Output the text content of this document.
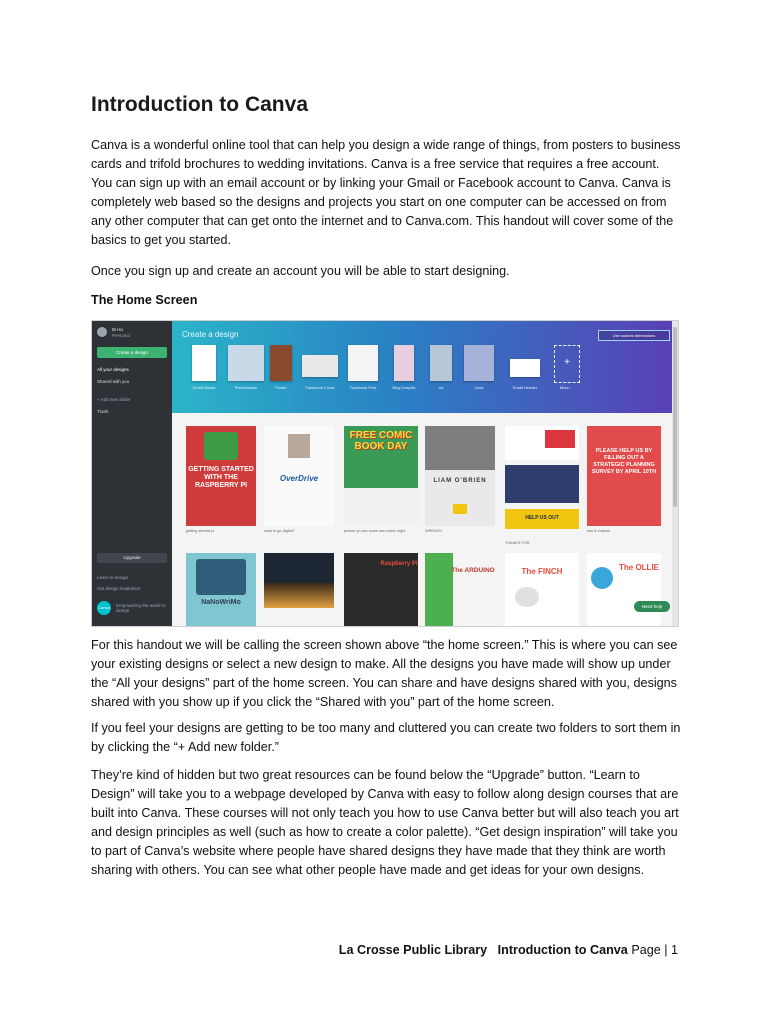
Introduction to Canva

Canva is a wonderful online tool that can help you design a wide range of things, from posters to business cards and trifold brochures to wedding invitations. Canva is a free service that requires a free account. You can sign up with an email account or by linking your Gmail or Facebook account to Canva. Canva is completely web based so the designs and projects you start on one computer can be accessed on from any other computer that can get onto the internet and to Canva.com. This handout will cover some of the basics to get you started.

Once you sign up and create an account you will be able to start designing.

The Home Screen

Bi Hu
Personal
Create a design
All your designs
Shared with you
+ Add new folder
Trash
Upgrade
Learn to design
Get design inspiration
Canva Empowering the world to design
Create a design	Use custom dimensions
+
Social Media	Presentation	Poster	Facebook Cover	Facebook Post	Blog Graphic	A4	Card	Email Header	More...
GETTING STARTED WITH THE RASPBERRY PI
getting started pi
OverDrive
want to go digital?
FREE COMIC BOOK DAY
picture yo can come see comic night
LIAM O'BRIEN
WRENCH
HELP US OUT
THANKS FOR
PLEASE HELP US BY FILLING OUT A STRATEGIC PLANNING SURVEY BY APRIL 10TH
see & explore
NaNoWriMo
Raspberry Pi
The ARDUINO	The FINCH	The OLLIE
Need help

For this handout we will be calling the screen shown above “the home screen.” This is where you can see your existing designs or select a new design to make. All the designs you have made will show up under the “All your designs” part of the home screen. You can share and have designs shared with you, designs shared with you show up if you click the “Shared with you” part of the home screen.

If you feel your designs are getting to be too many and cluttered you can create two folders to sort them in by clicking the “+ Add new folder.”

They’re kind of hidden but two great resources can be found below the “Upgrade” button. “Learn to Design” will take you to a webpage developed by Canva with easy to follow along design courses that are built into Canva. These courses will not only teach you how to use Canva better but will also teach you art and design principles as well (such as how to create a color palette). “Get design inspiration” will take you to part of Canva’s website where people have shared designs they have made that they think are worth sharing with others. You can see what other people have made and get ideas for your own designs.

La Crosse Public Library Introduction to Canva Page | 1
